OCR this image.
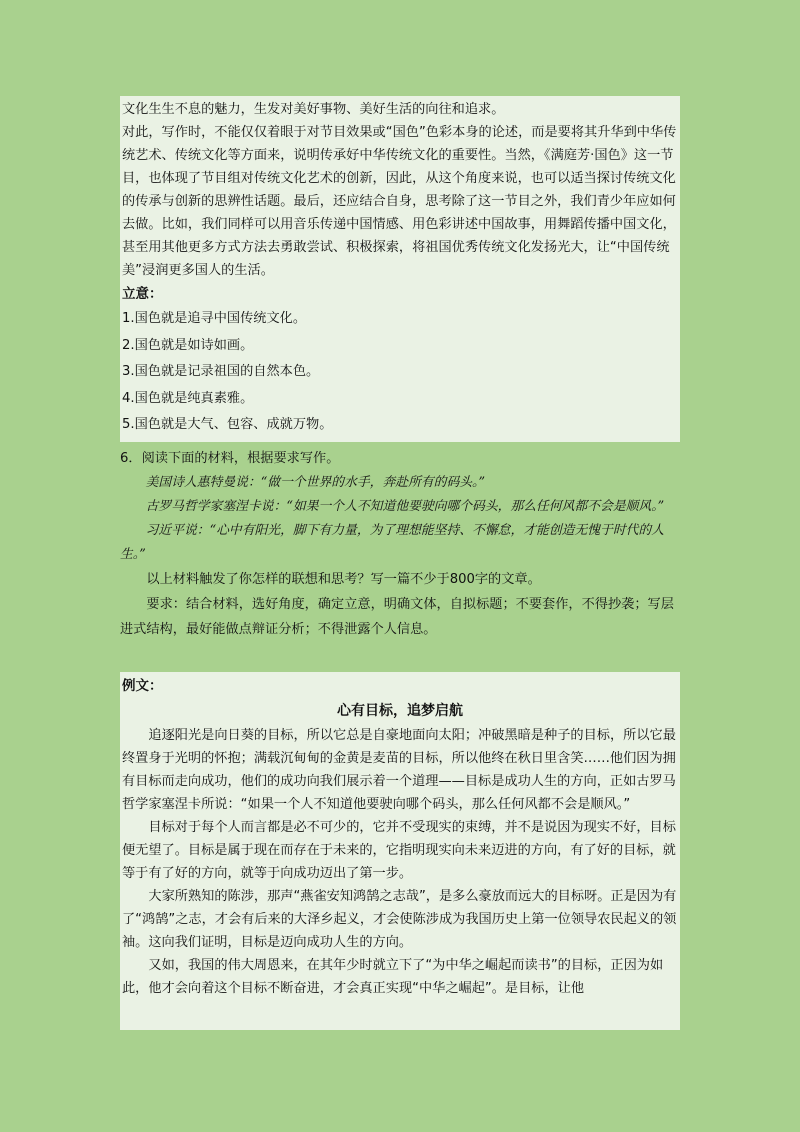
文化生生不息的魅力，生发对美好事物、美好生活的向往和追求。

对此，写作时，不能仅仅着眼于对节目效果或“国色”色彩本身的论述，而是要将其升华到中华传统艺术、传统文化等方面来，说明传承好中华传统文化的重要性。当然，《满庭芳·国色》这一节目，也体现了节目组对传统文化艺术的创新，因此，从这个角度来说，也可以适当探讨传统文化的传承与创新的思辨性话题。最后，还应结合自身，思考除了这一节目之外，我们青少年应如何去做。比如，我们同样可以用音乐传递中国情感、用色彩讲述中国故事，用舞蹈传播中国文化，甚至用其他更多方式方法去勇敢尝试、积极探索，将祖国优秀传统文化发扬光大，让“中国传统美”浸润更多国人的生活。

立意：

1.国色就是追寻中国传统文化。

2.国色就是如诗如画。

3.国色就是记录祖国的自然本色。

4.国色就是纯真素雅。

5.国色就是大气、包容、成就万物。

6．阅读下面的材料，根据要求写作。

美国诗人惠特曼说：“做一个世界的水手，奔赴所有的码头。”

古罗马哲学家塞涅卡说：“如果一个人不知道他要驶向哪个码头，那么任何风都不会是顺风。”

习近平说：“心中有阳光，脚下有力量，为了理想能坚持、不懈怠，才能创造无愧于时代的人生。”

以上材料触发了你怎样的联想和思考？写一篇不少于800字的文章。

要求：结合材料，选好角度，确定立意，明确文体，自拟标题；不要套作，不得抄袭；写层进式结构，最好能做点辩证分析；不得泄露个人信息。

例文：

心有目标，追梦启航

追逐阳光是向日葵的目标，所以它总是自豪地面向太阳；冲破黑暗是种子的目标，所以它最终置身于光明的怀抱；满载沉甸甸的金黄是麦苗的目标，所以他终在秋日里含笑……他们因为拥有目标而走向成功，他们的成功向我们展示着一个道理——目标是成功人生的方向，正如古罗马哲学家塞涅卡所说：“如果一个人不知道他要驶向哪个码头，那么任何风都不会是顺风。”

目标对于每个人而言都是必不可少的，它并不受现实的束缚，并不是说因为现实不好，目标便无望了。目标是属于现在而存在于未来的，它指明现实向未来迈进的方向，有了好的目标，就等于有了好的方向，就等于向成功迈出了第一步。

大家所熟知的陈涉，那声“燕雀安知鸿鹄之志哉”，是多么豪放而远大的目标呀。正是因为有了“鸿鹄”之志，才会有后来的大泽乡起义，才会使陈涉成为我国历史上第一位领导农民起义的领袖。这向我们证明，目标是迈向成功人生的方向。

又如，我国的伟大周恩来，在其年少时就立下了“为中华之崛起而读书”的目标，正因为如此，他才会向着这个目标不断奋进，才会真正实现“中华之崛起”。是目标，让他
